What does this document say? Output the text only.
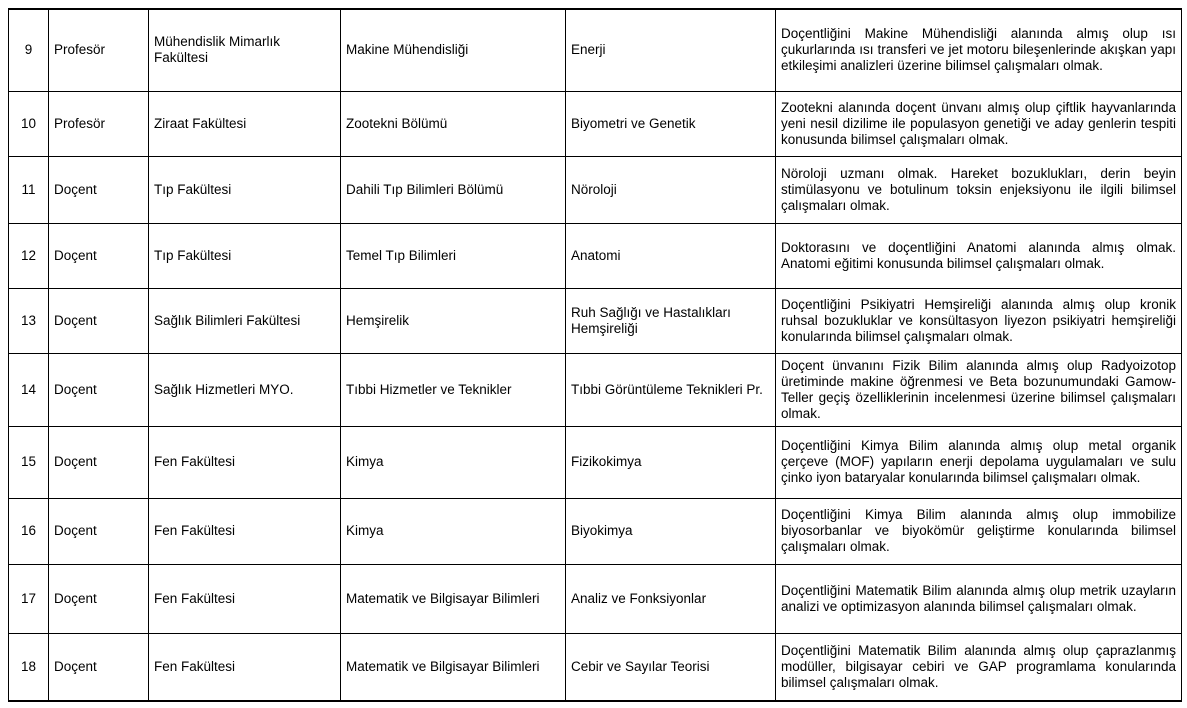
9	Profesör	Mühendislik Mimarlık Fakültesi	Makine Mühendisliği	Enerji	Doçentliğini Makine Mühendisliği alanında almış olup ısı çukurlarında ısı transferi ve jet motoru bileşenlerinde akışkan yapı etkileşimi analizleri üzerine bilimsel çalışmaları olmak.
10	Profesör	Ziraat Fakültesi	Zootekni Bölümü	Biyometri ve Genetik	Zootekni alanında doçent ünvanı almış olup çiftlik hayvanlarında yeni nesil dizilime ile populasyon genetiği ve aday genlerin tespiti konusunda bilimsel çalışmaları olmak.
11	Doçent	Tıp Fakültesi	Dahili Tıp Bilimleri Bölümü	Nöroloji	Nöroloji uzmanı olmak. Hareket bozuklukları, derin beyin stimülasyonu ve botulinum toksin enjeksiyonu ile ilgili bilimsel çalışmaları olmak.
12	Doçent	Tıp Fakültesi	Temel Tıp Bilimleri	Anatomi	Doktorasını ve doçentliğini Anatomi alanında almış olmak. Anatomi eğitimi konusunda bilimsel çalışmaları olmak.
13	Doçent	Sağlık Bilimleri Fakültesi	Hemşirelik	Ruh Sağlığı ve Hastalıkları Hemşireliği	Doçentliğini Psikiyatri Hemşireliği alanında almış olup kronik ruhsal bozukluklar ve konsültasyon liyezon psikiyatri hemşireliği konularında bilimsel çalışmaları olmak.
14	Doçent	Sağlık Hizmetleri MYO.	Tıbbi Hizmetler ve Teknikler	Tıbbi Görüntüleme Teknikleri Pr.	Doçent ünvanını Fizik Bilim alanında almış olup Radyoizotop üretiminde makine öğrenmesi ve Beta bozunumundaki Gamow-Teller geçiş özelliklerinin incelenmesi üzerine bilimsel çalışmaları olmak.
15	Doçent	Fen Fakültesi	Kimya	Fizikokimya	Doçentliğini Kimya Bilim alanında almış olup metal organik çerçeve (MOF) yapıların enerji depolama uygulamaları ve sulu çinko iyon bataryalar konularında bilimsel çalışmaları olmak.
16	Doçent	Fen Fakültesi	Kimya	Biyokimya	Doçentliğini Kimya Bilim alanında almış olup immobilize biyosorbanlar ve biyokömür geliştirme konularında bilimsel çalışmaları olmak.
17	Doçent	Fen Fakültesi	Matematik ve Bilgisayar Bilimleri	Analiz ve Fonksiyonlar	Doçentliğini Matematik Bilim alanında almış olup metrik uzayların analizi ve optimizasyon alanında bilimsel çalışmaları olmak.
18	Doçent	Fen Fakültesi	Matematik ve Bilgisayar Bilimleri	Cebir ve Sayılar Teorisi	Doçentliğini Matematik Bilim alanında almış olup çaprazlanmış modüller, bilgisayar cebiri ve GAP programlama konularında bilimsel çalışmaları olmak.
